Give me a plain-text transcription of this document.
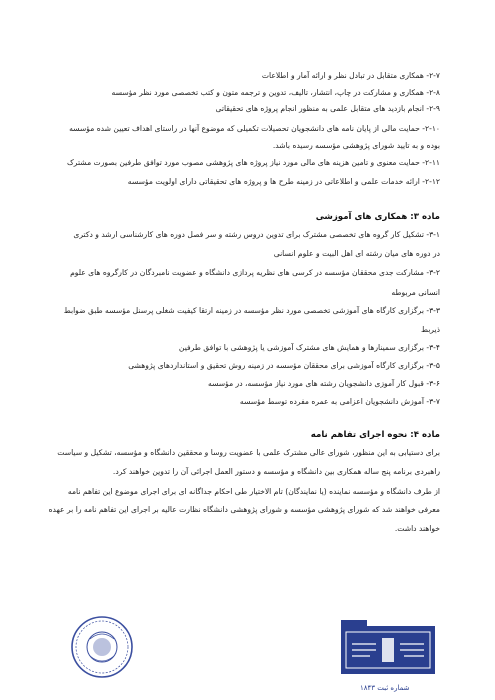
۲-۷- همکاری متقابل در تبادل نظر و ارائه آمار و اطلاعات
۲-۸- همکاری و مشارکت در چاپ، انتشار، تالیف، تدوین و ترجمه متون و کتب تخصصی مورد نظر مؤسسه
۲-۹- انجام بازدید های متقابل علمی به منظور انجام پروژه های تحقیقاتی
۲-۱۰- حمایت مالی از پایان نامه های دانشجویان تحصیلات تکمیلی که موضوع آنها در راستای اهداف تعیین شده مؤسسه
بوده و به تایید شورای پژوهشی مؤسسه رسیده باشد.
۲-۱۱- حمایت معنوی و تامین هزینه های مالی مورد نیاز پروژه های پژوهشی مصوب مورد توافق طرفین بصورت مشترک
۲-۱۲- ارائه خدمات علمی و اطلاعاتی در زمینه طرح ها و پروژه های تحقیقاتی دارای اولویت مؤسسه
ماده ۳: همکاری های آموزشی
۳-۱- تشکیل کار گروه های تخصصی مشترک برای تدوین دروس رشته و سر فصل دوره های کارشناسی ارشد و دکتری
در دوره های میان رشته ای اهل البیت و علوم انسانی
۳-۲- مشارکت جدی محققان مؤسسه در کرسی های نظریه پردازی دانشگاه و عضویت نامبردگان در کارگروه های علوم
انسانی مربوطه
۳-۳- برگزاری کارگاه های آموزشی تخصصی مورد نظر مؤسسه در زمینه ارتقا کیفیت شغلی پرسنل مؤسسه طبق ضوابط
ذیربط
۳-۴- برگزاری سمینارها و همایش های مشترک آموزشی یا پژوهشی با توافق طرفین
۳-۵- برگزاری کارگاه آموزشی برای محققان مؤسسه در زمینه روش تحقیق و استانداردهای پژوهشی
۳-۶- قبول کار آموزی دانشجویان رشته های مورد نیاز مؤسسه، در مؤسسه
۳-۷- آموزش دانشجویان اعزامی به عمره مفرده توسط مؤسسه
ماده ۴: نحوه اجرای تفاهم نامه
برای دستیابی به این منظور، شورای عالی مشترک علمی با عضویت روسا و محققین دانشگاه و مؤسسه، تشکیل و سیاست
راهبردی برنامه پنج ساله همکاری بین دانشگاه و مؤسسه و دستور العمل اجرائی آن را تدوین خواهند کرد.
از طرف دانشگاه و مؤسسه نماینده (یا نمایندگان) تام الاختیار طی احکام جداگانه ای برای اجرای موضوع این تفاهم نامه
معرفی خواهند شد که شورای پژوهشی مؤسسه و شورای پژوهشی دانشگاه نظارت عالیه بر اجرای این تفاهم نامه را بر عهده
خواهند داشت.
شماره ثبت ۱۸۴۳
